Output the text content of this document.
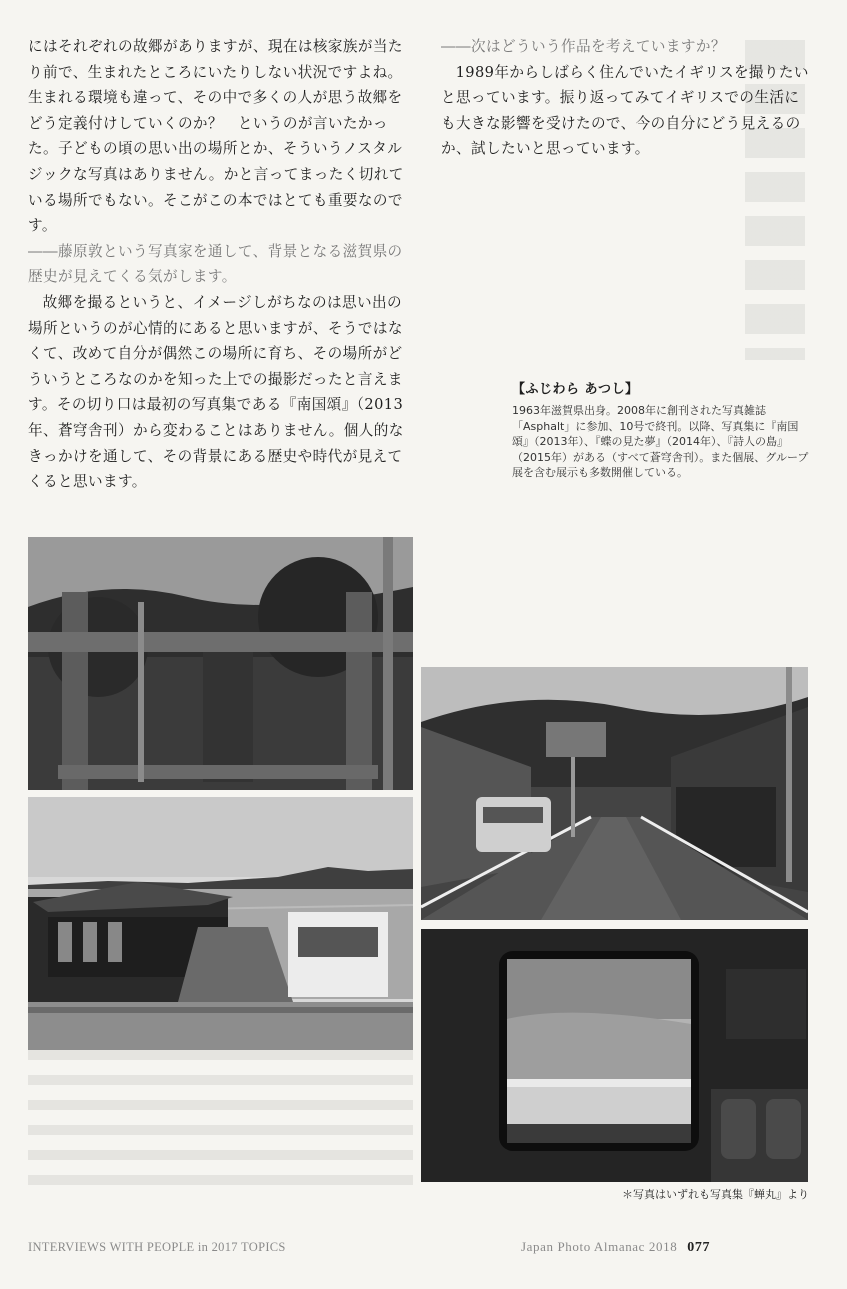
にはそれぞれの故郷がありますが、現在は核家族が当たり前で、生まれたところにいたりしない状況ですよね。生まれる環境も違って、その中で多くの人が思う故郷をどう定義付けしていくのか？　というのが言いたかった。子どもの頃の思い出の場所とか、そういうノスタルジックな写真はありません。かと言ってまったく切れている場所でもない。そこがこの本ではとても重要なのです。

――藤原敦という写真家を通して、背景となる滋賀県の歴史が見えてくる気がします。

故郷を撮るというと、イメージしがちなのは思い出の場所というのが心情的にあると思いますが、そうではなくて、改めて自分が偶然この場所に育ち、その場所がどういうところなのかを知った上での撮影だったと言えます。その切り口は最初の写真集である『南国頌』（2013年、蒼穹舎刊）から変わることはありません。個人的なきっかけを通して、その背景にある歴史や時代が見えてくると思います。

――次はどういう作品を考えていますか？

1989年からしばらく住んでいたイギリスを撮りたいと思っています。振り返ってみてイギリスでの生活にも大きな影響を受けたので、今の自分にどう見えるのか、試したいと思っています。

【ふじわら あつし】
1963年滋賀県出身。2008年に創刊された写真雑誌「Asphalt」に参加、10号で終刊。以降、写真集に『南国頌』（2013年）、『蝶の見た夢』（2014年）、『詩人の島』（2015年）がある（すべて蒼穹舎刊）。また個展、グループ展を含む展示も多数開催している。
＊写真はいずれも写真集『蝉丸』より
INTERVIEWS WITH PEOPLE in 2017 TOPICS	Japan Photo Almanac 2018 077
